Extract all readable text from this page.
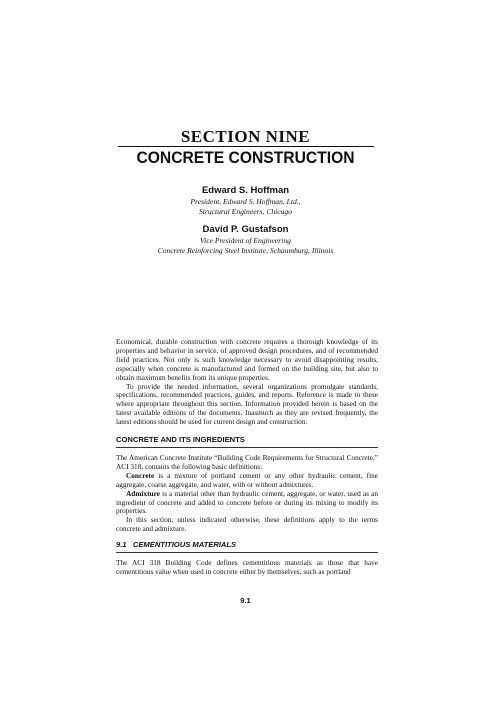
SECTION NINE
CONCRETE CONSTRUCTION
Edward S. Hoffman
President, Edward S. Hoffman, Ltd.,
Structural Engineers, Chicago
David P. Gustafson
Vice President of Engineering
Concrete Reinforcing Steel Institute, Schaumburg, Illinois

Economical, durable construction with concrete requires a thorough knowledge of its properties and behavior in service, of approved design procedures, and of recommended field practices. Not only is such knowledge necessary to avoid disappointing results, especially when concrete is manufactured and formed on the building site, but also to obtain maximum benefits from its unique properties.

To provide the needed information, several organizations promulgate standards, specifications, recommended practices, guides, and reports. Reference is made to these where appropriate throughout this section. Information provided herein is based on the latest available editions of the documents. Inasmuch as they are revised frequently, the latest editions should be used for current design and construction.

CONCRETE AND ITS INGREDIENTS

The American Concrete Institute “Building Code Requirements for Structural Concrete,” ACI 318, contains the following basic definitions:

Concrete is a mixture of portland cement or any other hydraulic cement, fine aggregate, coarse aggregate, and water, with or without admixtures.

Admixture is a material other than hydraulic cement, aggregate, or water, used as an ingredient of concrete and added to concrete before or during its mixing to modify its properties.

In this section, unless indicated otherwise, these definitions apply to the terms concrete and admixture.

9.1   CEMENTITIOUS MATERIALS

The ACI 318 Building Code defines cementitious materials as those that have cementitious value when used in concrete either by themselves, such as portland

9.1
